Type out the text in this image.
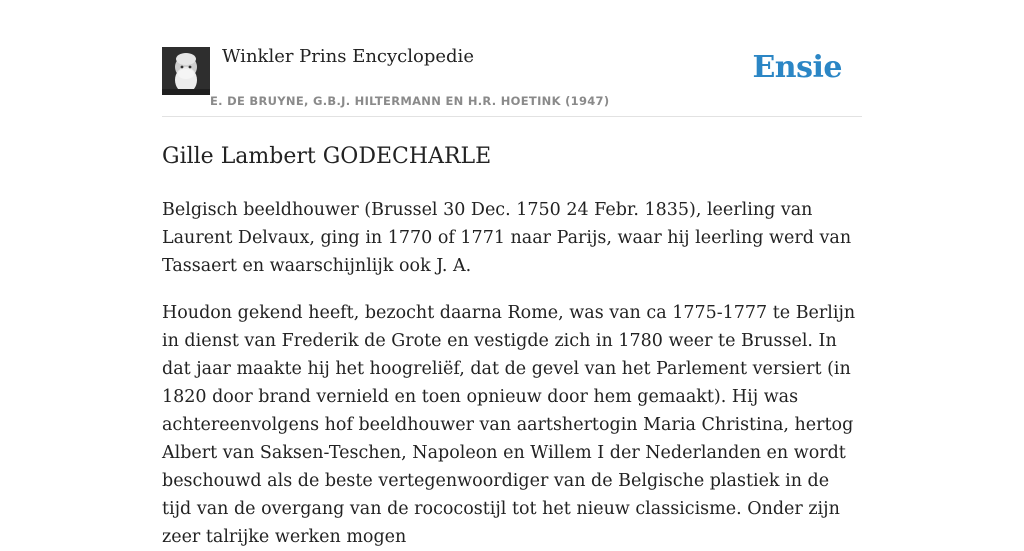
Winkler Prins Encyclopedie
E. DE BRUYNE, G.B.J. HILTERMANN EN H.R. HOETINK (1947)
Ensie
Gille Lambert GODECHARLE

Belgisch beeldhouwer (Brussel 30 Dec. 1750 24 Febr. 1835), leerling van Laurent Delvaux, ging in 1770 of 1771 naar Parijs, waar hij leerling werd van Tassaert en waarschijnlijk ook J. A.

Houdon gekend heeft, bezocht daarna Rome, was van ca 1775-1777 te Berlijn in dienst van Frederik de Grote en vestigde zich in 1780 weer te Brussel. In dat jaar maakte hij het hoogreliëf, dat de gevel van het Parlement versiert (in 1820 door brand vernield en toen opnieuw door hem gemaakt). Hij was achtereenvolgens hof beeldhouwer van aartshertogin Maria Christina, hertog Albert van Saksen-Teschen, Napoleon en Willem I der Nederlanden en wordt beschouwd als de beste vertegenwoordiger van de Belgische plastiek in de tijd van de overgang van de rococostijl tot het nieuw classicisme. Onder zijn zeer talrijke werken mogen
